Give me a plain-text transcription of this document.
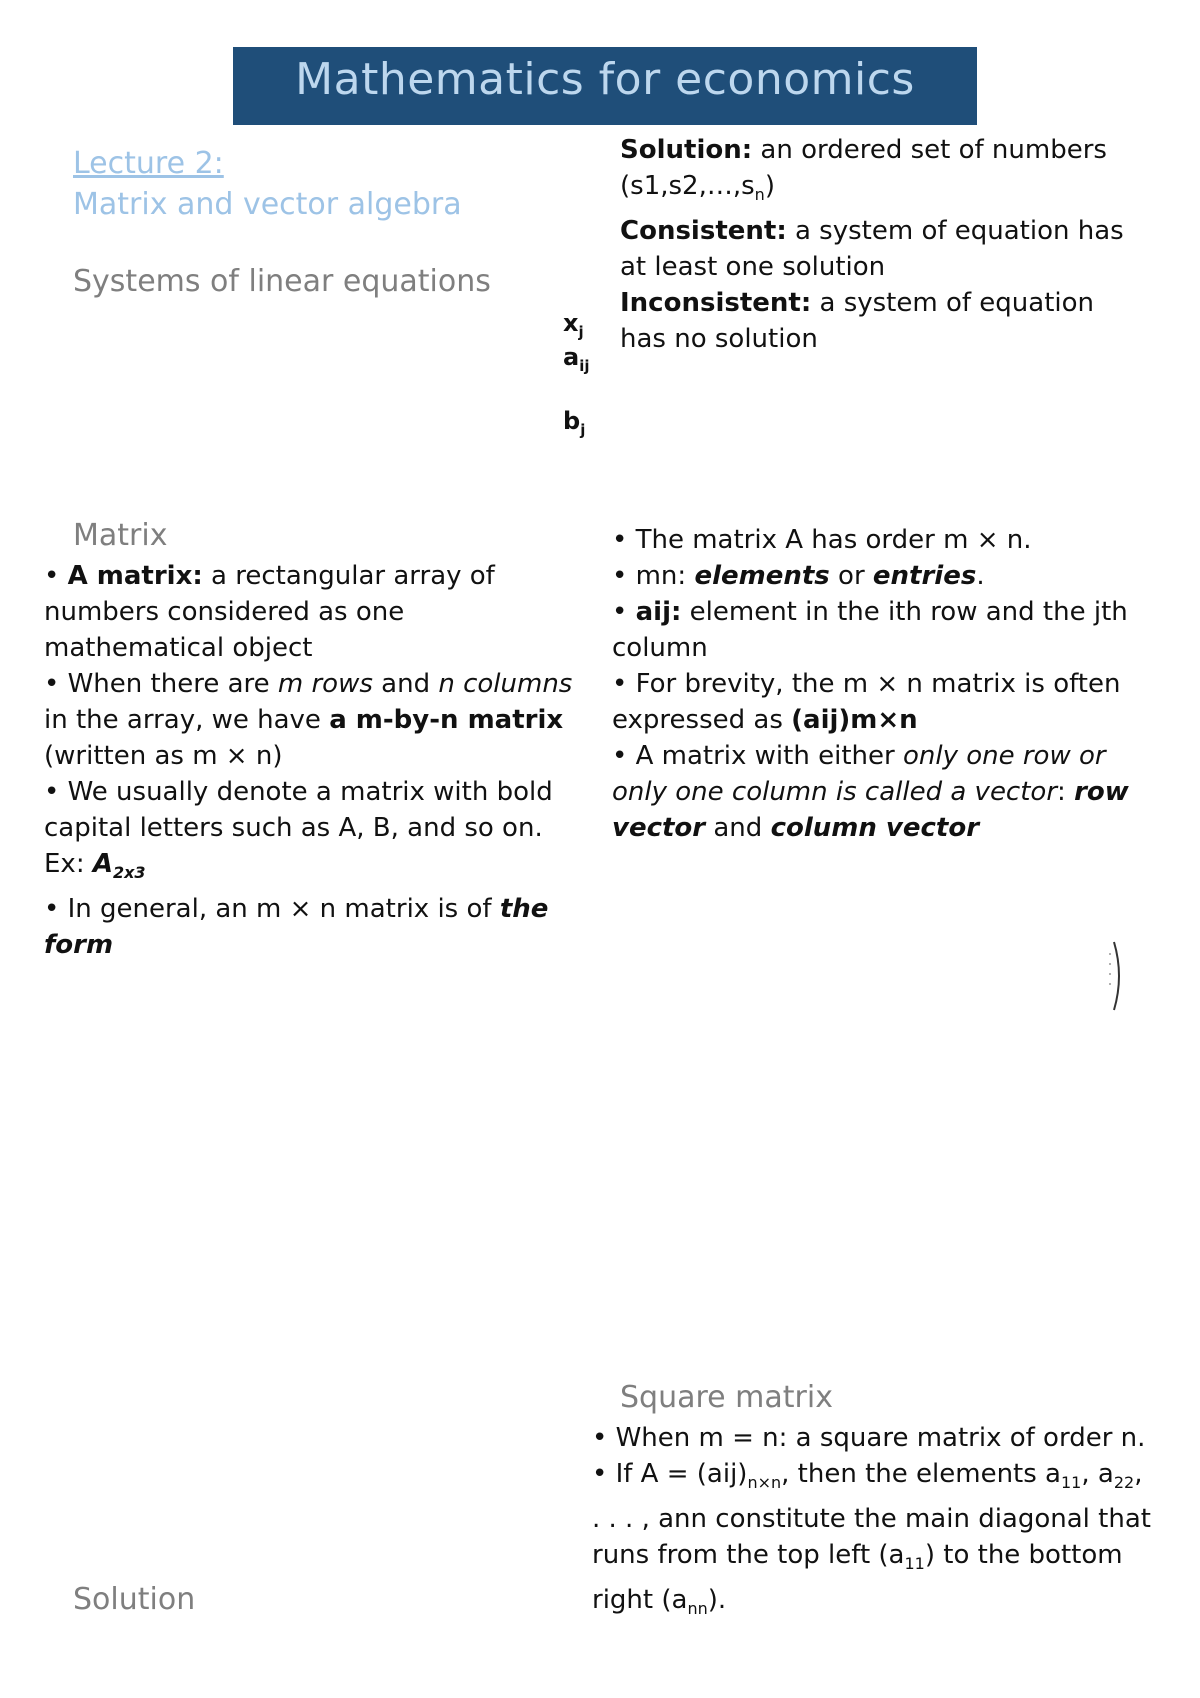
Mathematics for economics
Lecture 2:
Matrix and vector algebra
Systems of linear equations
$x_j$
$a_{ij}$
$b_j$
Solution: an ordered set of numbers $(s1,s2,\dots,s_n)$
Consistent: a system of equation has at least one solution
Inconsistent: a system of equation has no solution
Matrix
• A matrix: a rectangular array of numbers considered as one mathematical object
• When there are m rows and n columns in the array, we have a m-by-n matrix (written as m × n)
• We usually denote a matrix with bold capital letters such as A, B, and so on. Ex: $A_{2x3}$
• In general, an m × n matrix is of the form
• The matrix A has order m × n.
• mn: elements or entries.
• aij: element in the ith row and the jth column
• For brevity, the m × n matrix is often expressed as (aij)m×n
• A matrix with either only one row or only one column is called a vector: row vector and column vector
Square matrix
• When m = n: a square matrix of order n.
• If $A = (aij)_{n\times n}$, then the elements $a_{11}$, $a_{22}$, . . . , ann constitute the main diagonal that runs from the top left $(a_{11})$ to the bottom right $(a_{nn})$.
Solution
